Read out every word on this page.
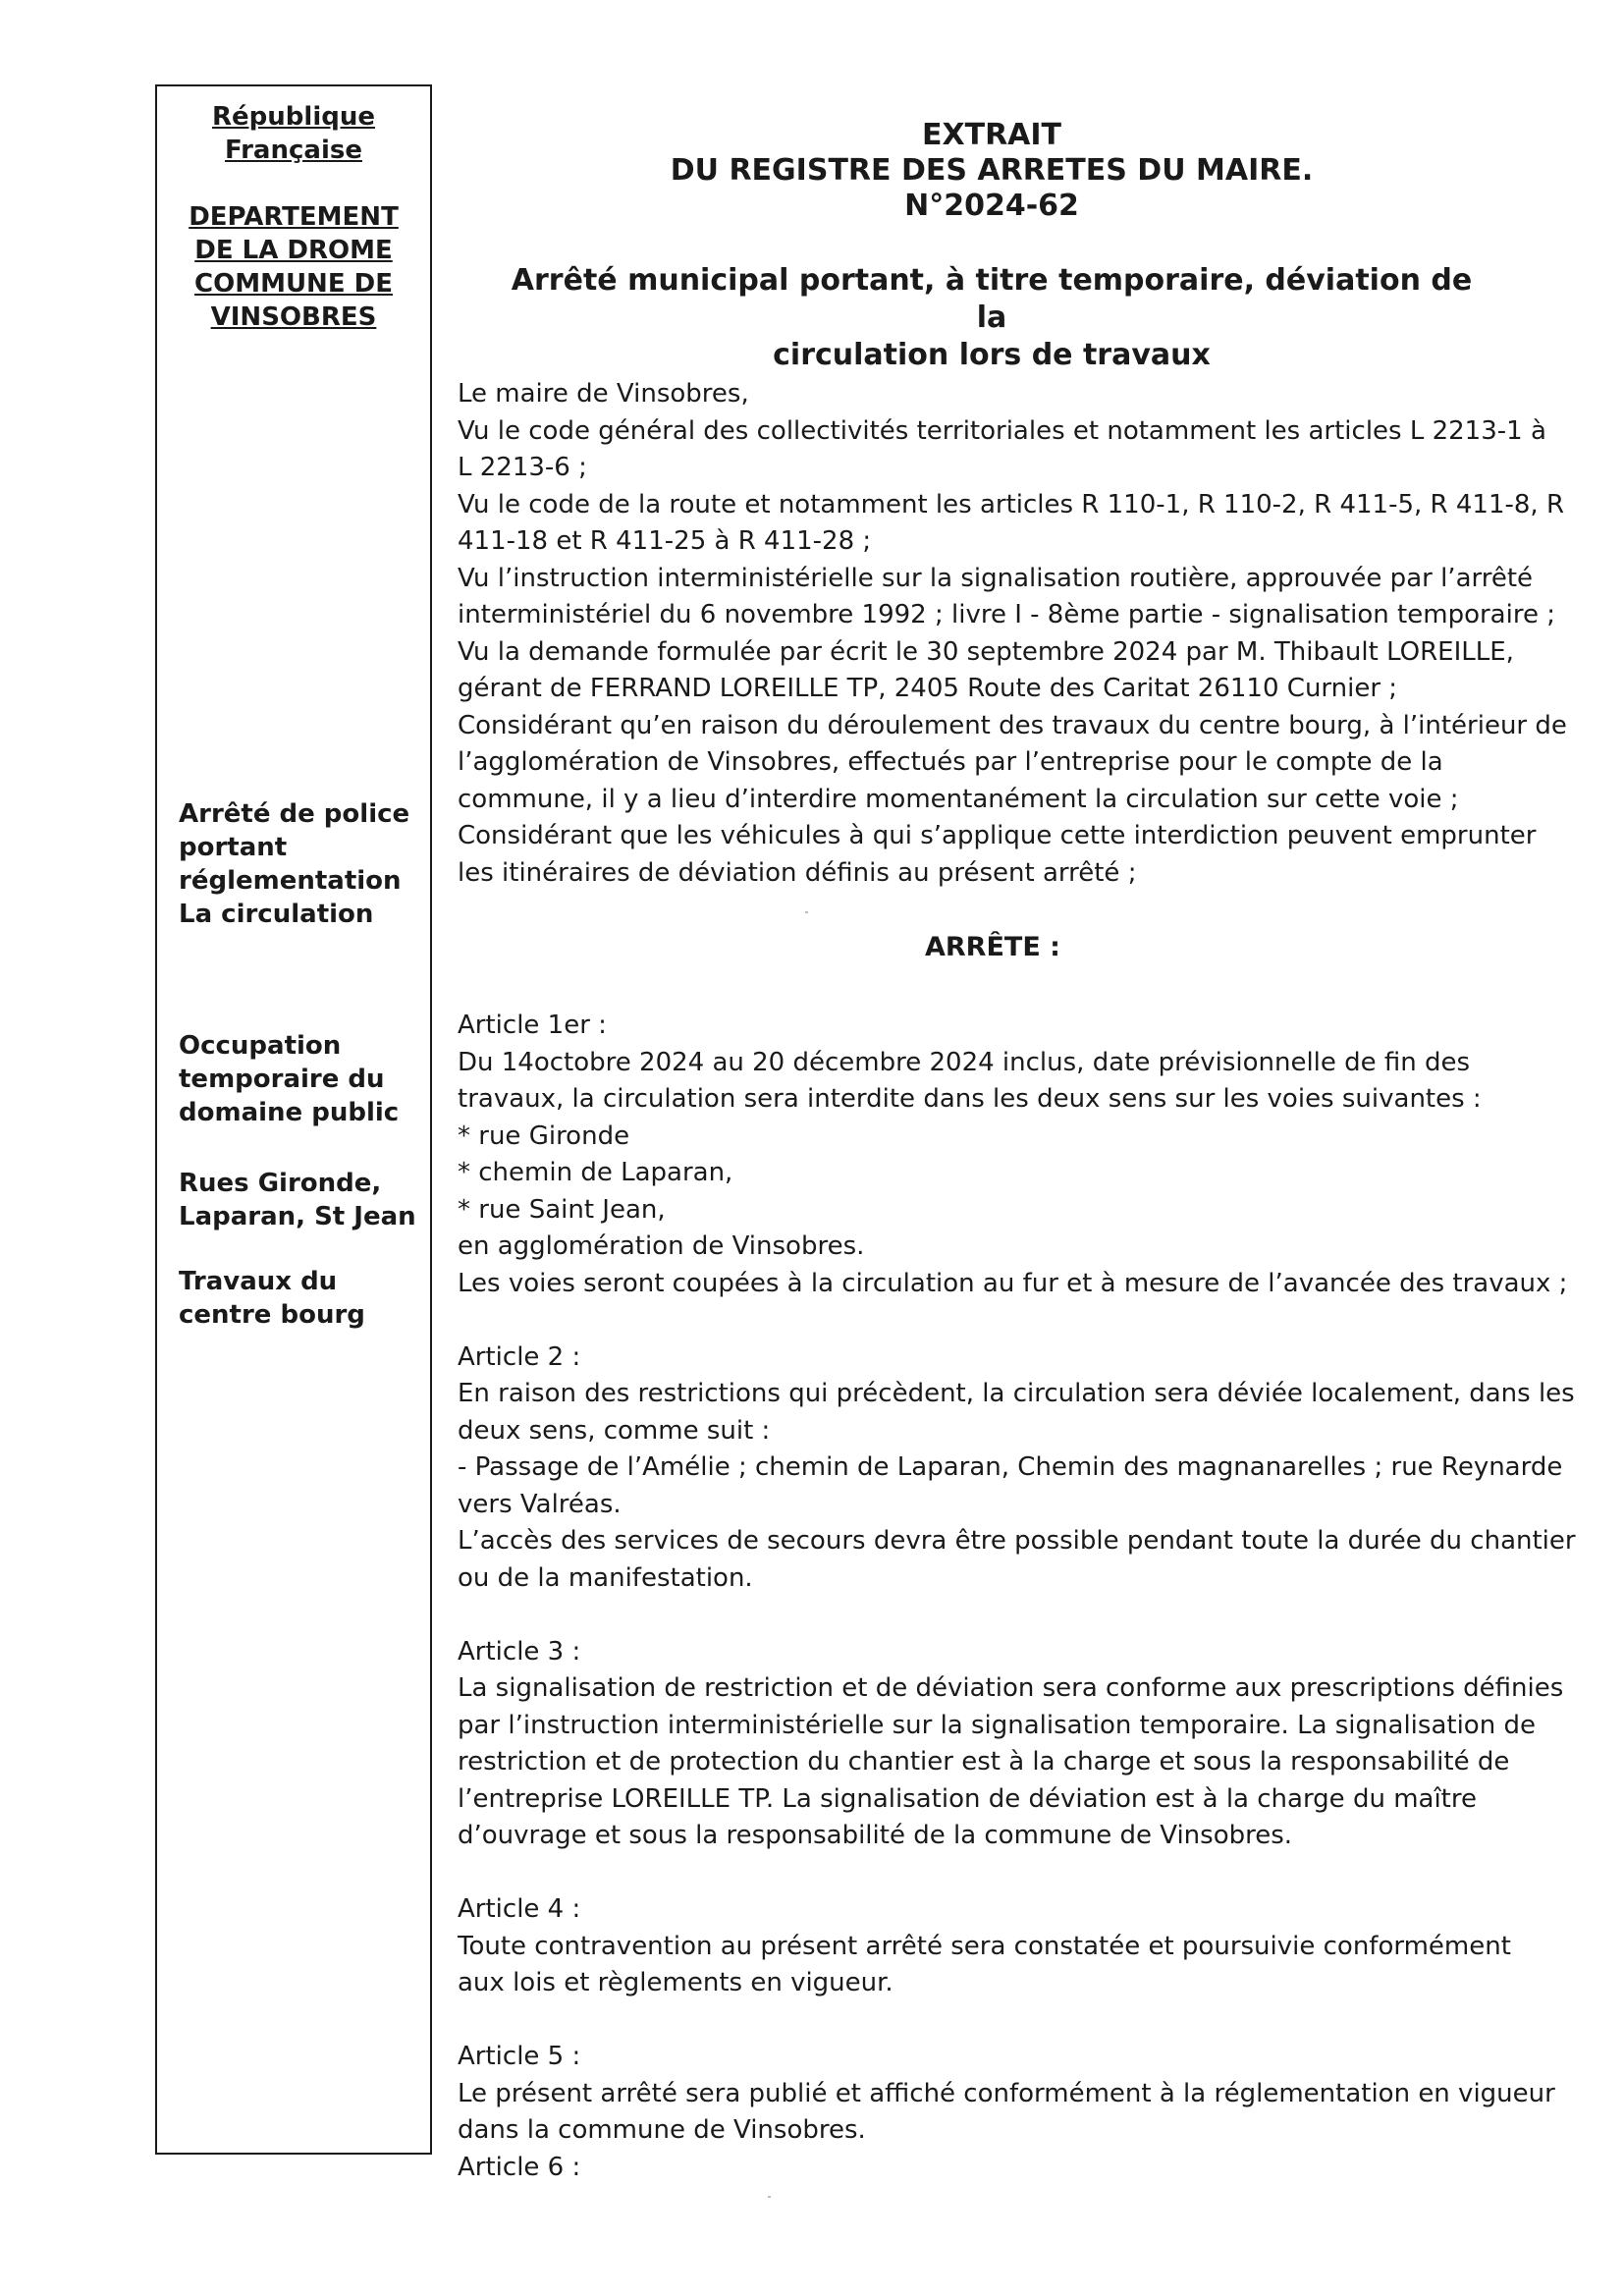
République
Française
DEPARTEMENT
DE LA DROME
COMMUNE DE
VINSOBRES
Arrêté de police
portant
réglementation
La circulation
Occupation
temporaire du
domaine public
Rues Gironde,
Laparan, St Jean
Travaux du
centre bourg
EXTRAIT
DU REGISTRE DES ARRETES DU MAIRE.
N°2024-62
Arrêté municipal portant, à titre temporaire, déviation de la
circulation lors de travaux
Le maire de Vinsobres,
Vu le code général des collectivités territoriales et notamment les articles L 2213-1 à
L 2213-6 ;
Vu le code de la route et notamment les articles R 110-1, R 110-2, R 411-5, R 411-8, R
411-18 et R 411-25 à R 411-28 ;
Vu l’instruction interministérielle sur la signalisation routière, approuvée par l’arrêté
interministériel du 6 novembre 1992 ; livre I - 8ème partie - signalisation temporaire ;
Vu la demande formulée par écrit le 30 septembre 2024 par M. Thibault LOREILLE,
gérant de FERRAND LOREILLE TP, 2405 Route des Caritat 26110 Curnier ;
Considérant qu’en raison du déroulement des travaux du centre bourg, à l’intérieur de
l’agglomération de Vinsobres, effectués par l’entreprise pour le compte de la
commune, il y a lieu d’interdire momentanément la circulation sur cette voie ;
Considérant que les véhicules à qui s’applique cette interdiction peuvent emprunter
les itinéraires de déviation définis au présent arrêté ;
ARRÊTE :
Article 1er :
Du 14octobre 2024 au 20 décembre 2024 inclus, date prévisionnelle de fin des
travaux, la circulation sera interdite dans les deux sens sur les voies suivantes :
* rue Gironde
* chemin de Laparan,
* rue Saint Jean,
en agglomération de Vinsobres.
Les voies seront coupées à la circulation au fur et à mesure de l’avancée des travaux ;
Article 2 :
En raison des restrictions qui précèdent, la circulation sera déviée localement, dans les
deux sens, comme suit :
- Passage de l’Amélie ; chemin de Laparan, Chemin des magnanarelles ; rue Reynarde
vers Valréas.
L’accès des services de secours devra être possible pendant toute la durée du chantier
ou de la manifestation.
Article 3 :
La signalisation de restriction et de déviation sera conforme aux prescriptions définies
par l’instruction interministérielle sur la signalisation temporaire. La signalisation de
restriction et de protection du chantier est à la charge et sous la responsabilité de
l’entreprise LOREILLE TP. La signalisation de déviation est à la charge du maître
d’ouvrage et sous la responsabilité de la commune de Vinsobres.
Article 4 :
Toute contravention au présent arrêté sera constatée et poursuivie conformément
aux lois et règlements en vigueur.
Article 5 :
Le présent arrêté sera publié et affiché conformément à la réglementation en vigueur
dans la commune de Vinsobres.
Article 6 :
